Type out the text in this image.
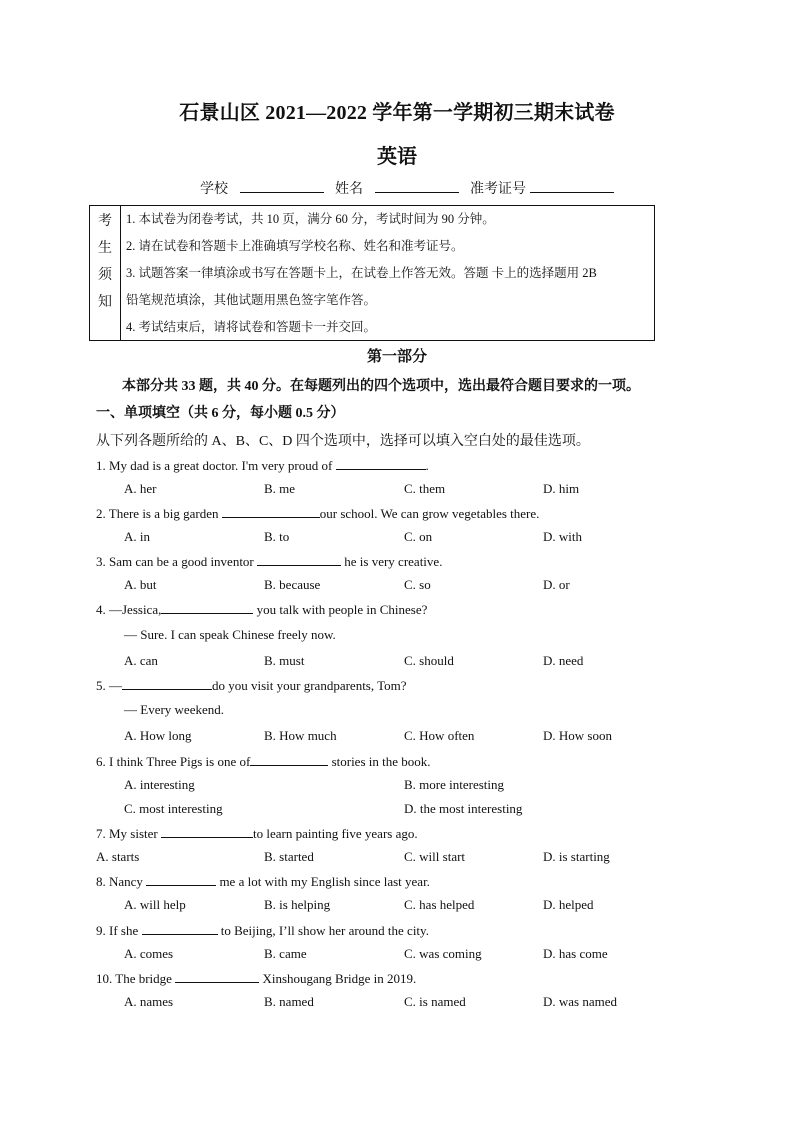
石景山区 2021—2022 学年第一学期初三期末试卷
英语
学校	姓名	准考证号
考
生
须
知
1. 本试卷为闭卷考试，共 10 页，满分 60 分，考试时间为 90 分钟。
2. 请在试卷和答题卡上准确填写学校名称、姓名和准考证号。
3. 试题答案一律填涂或书写在答题卡上，在试卷上作答无效。答题 卡上的选择题用 2B
铅笔规范填涂，其他试题用黑色签字笔作答。
4. 考试结束后，请将试卷和答题卡一并交回。
第一部分
本部分共 33 题，共 40 分。在每题列出的四个选项中，选出最符合题目要求的一项。
一、单项填空（共 6 分，每小题 0.5 分）
从下列各题所给的 A、B、C、D 四个选项中，选择可以填入空白处的最佳选项。
1. My dad is a great doctor. I'm very proud of	.
A. her	B. me	C. them	D. him
2. There is a big garden	our school. We can grow vegetables there.
A. in	B. to	C. on	D. with
3. Sam can be a good inventor	he is very creative.
A. but	B. because	C. so	D. or
4. —Jessica,	you talk with people in Chinese?
— Sure. I can speak Chinese freely now.
A. can	B. must	C. should	D. need
5. —	do you visit your grandparents, Tom?
— Every weekend.
A. How long	B. How much	C. How often	D. How soon
6. I think Three Pigs is one of	stories in the book.
A. interesting	B. more interesting
C. most interesting	D. the most interesting
7. My sister	to learn painting five years ago.
A. starts	B. started	C. will start	D. is starting
8. Nancy	me a lot with my English since last year.
A. will help	B. is helping	C. has helped	D. helped
9. If she	to Beijing, I’ll show her around the city.
A. comes	B. came	C. was coming	D. has come
10. The bridge	Xinshougang Bridge in 2019.
A. names	B. named	C. is named	D. was named
